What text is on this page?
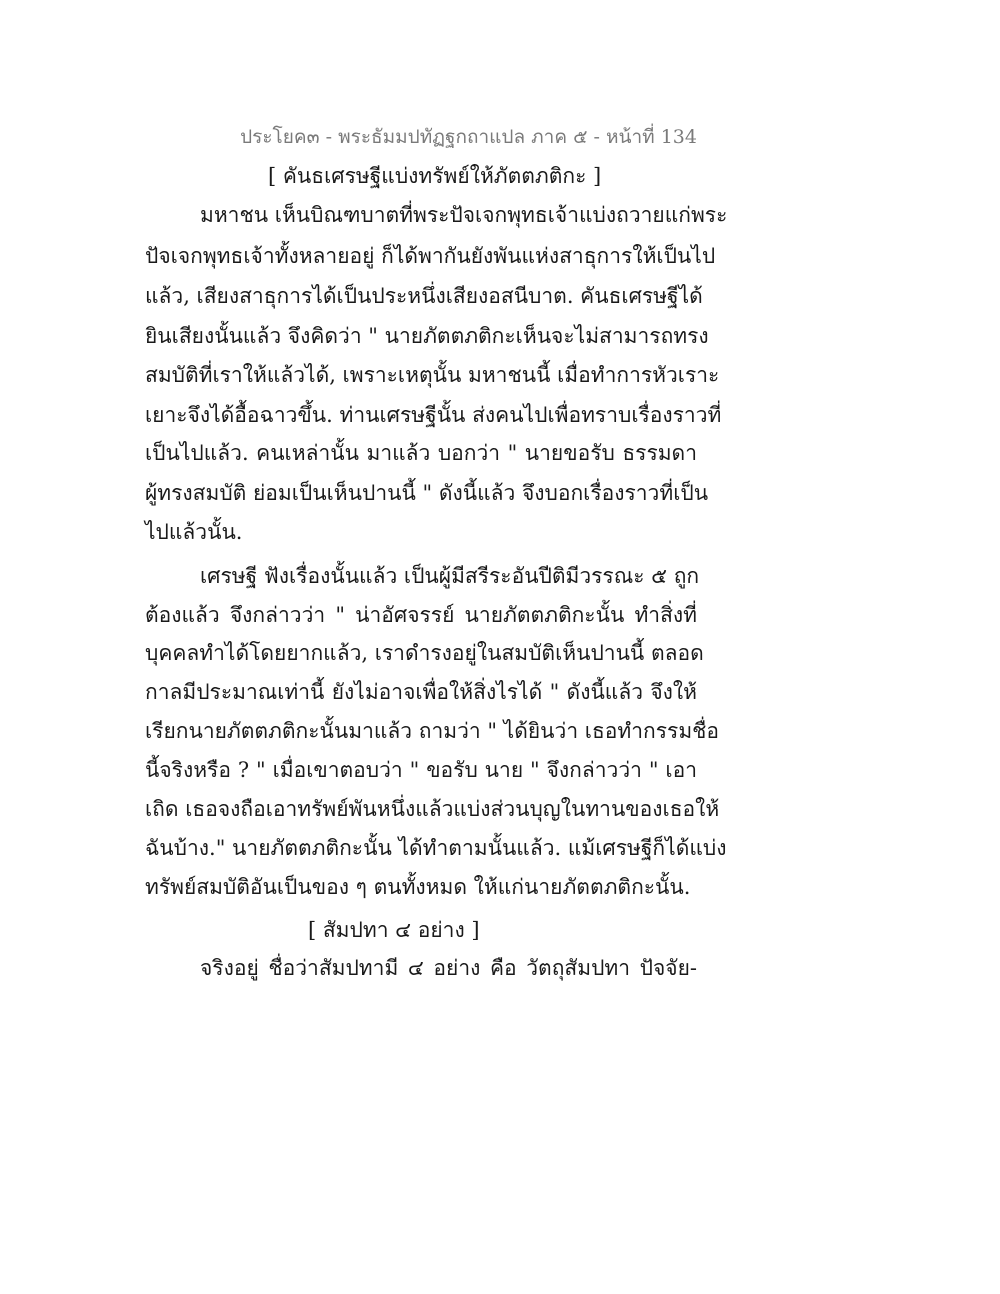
ประโยค๓ - พระธัมมปทัฏฐกถาแปล ภาค ๕ - หน้าที่ 134
[ คันธเศรษฐีแบ่งทรัพย์ให้ภัตตภติกะ ]
มหาชน เห็นบิณฑบาตที่พระปัจเจกพุทธเจ้าแบ่งถวายแก่พระ
ปัจเจกพุทธเจ้าทั้งหลายอยู่ ก็ได้พากันยังพันแห่งสาธุการให้เป็นไป
แล้ว, เสียงสาธุการได้เป็นประหนึ่งเสียงอสนีบาต. คันธเศรษฐีได้
ยินเสียงนั้นแล้ว จึงคิดว่า " นายภัตตภติกะเห็นจะไม่สามารถทรง
สมบัติที่เราให้แล้วได้, เพราะเหตุนั้น มหาชนนี้ เมื่อทำการหัวเราะ
เยาะจึงได้อื้อฉาวขึ้น. ท่านเศรษฐีนั้น ส่งคนไปเพื่อทราบเรื่องราวที่
เป็นไปแล้ว. คนเหล่านั้น มาแล้ว บอกว่า " นายขอรับ ธรรมดา
ผู้ทรงสมบัติ ย่อมเป็นเห็นปานนี้ " ดังนี้แล้ว จึงบอกเรื่องราวที่เป็น
ไปแล้วนั้น.
เศรษฐี ฟังเรื่องนั้นแล้ว เป็นผู้มีสรีระอันปีติมีวรรณะ ๕ ถูก
ต้องแล้ว จึงกล่าวว่า " น่าอัศจรรย์ นายภัตตภติกะนั้น ทำสิ่งที่
บุคคลทำได้โดยยากแล้ว, เราดำรงอยู่ในสมบัติเห็นปานนี้ ตลอด
กาลมีประมาณเท่านี้ ยังไม่อาจเพื่อให้สิ่งไรได้ " ดังนี้แล้ว จึงให้
เรียกนายภัตตภติกะนั้นมาแล้ว ถามว่า " ได้ยินว่า เธอทำกรรมชื่อ
นี้จริงหรือ ? " เมื่อเขาตอบว่า " ขอรับ นาย " จึงกล่าวว่า " เอา
เถิด เธอจงถือเอาทรัพย์พันหนึ่งแล้วแบ่งส่วนบุญในทานของเธอให้
ฉันบ้าง." นายภัตตภติกะนั้น ได้ทำตามนั้นแล้ว. แม้เศรษฐีก็ได้แบ่ง
ทรัพย์สมบัติอันเป็นของ ๆ ตนทั้งหมด ให้แก่นายภัตตภติกะนั้น.
[ สัมปทา ๔ อย่าง ]
จริงอยู่ ชื่อว่าสัมปทามี ๔ อย่าง คือ วัตถุสัมปทา ปัจจัย-
